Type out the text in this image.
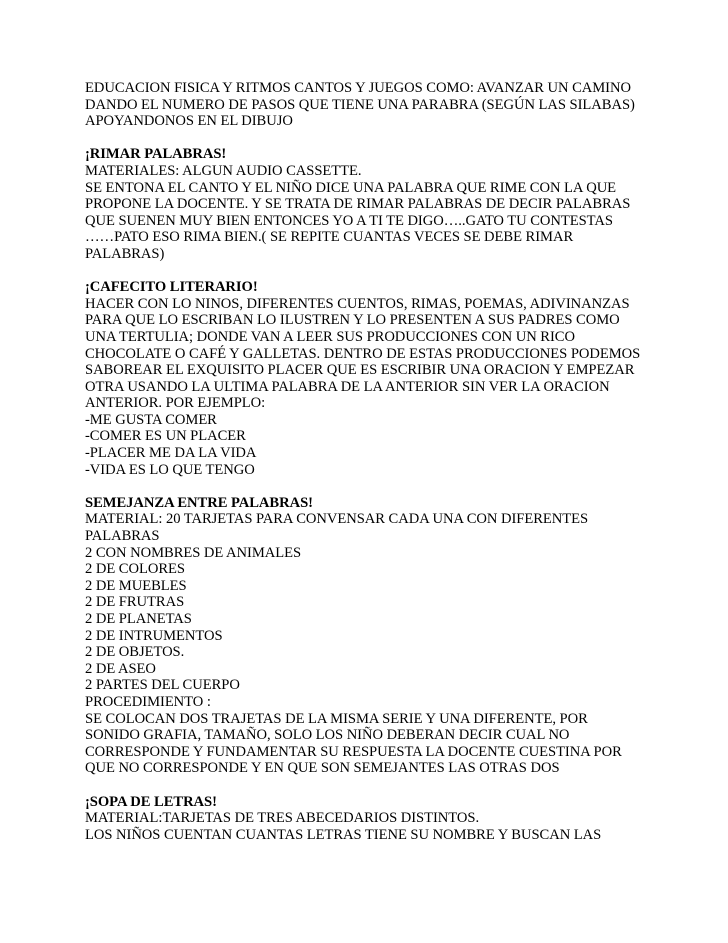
EDUCACION FISICA Y RITMOS CANTOS Y JUEGOS COMO: AVANZAR UN CAMINO
DANDO EL NUMERO DE PASOS QUE TIENE UNA PARABRA (SEGÚN LAS SILABAS)
APOYANDONOS EN EL DIBUJO
¡RIMAR PALABRAS!
MATERIALES: ALGUN AUDIO CASSETTE.
SE ENTONA EL CANTO Y EL NIÑO DICE UNA PALABRA QUE RIME CON LA QUE
PROPONE LA DOCENTE. Y SE TRATA DE RIMAR PALABRAS DE DECIR PALABRAS
QUE SUENEN MUY BIEN ENTONCES YO A TI TE DIGO…..GATO TU CONTESTAS
……PATO ESO RIMA BIEN.( SE REPITE CUANTAS VECES SE DEBE RIMAR
PALABRAS)
¡CAFECITO LITERARIO!
HACER CON LO NINOS, DIFERENTES CUENTOS, RIMAS, POEMAS, ADIVINANZAS
PARA QUE LO ESCRIBAN LO ILUSTREN Y LO PRESENTEN A SUS PADRES COMO
UNA TERTULIA; DONDE VAN A LEER SUS PRODUCCIONES CON UN RICO
CHOCOLATE O CAFÉ Y GALLETAS. DENTRO DE ESTAS PRODUCCIONES PODEMOS
SABOREAR EL EXQUISITO PLACER QUE ES ESCRIBIR UNA ORACION Y EMPEZAR
OTRA USANDO LA ULTIMA PALABRA DE LA ANTERIOR SIN VER LA ORACION
ANTERIOR. POR EJEMPLO:
-ME GUSTA COMER
-COMER ES UN PLACER
-PLACER ME DA LA VIDA
-VIDA ES LO QUE TENGO
SEMEJANZA ENTRE PALABRAS!
MATERIAL: 20 TARJETAS PARA CONVENSAR CADA UNA CON DIFERENTES
PALABRAS
2 CON NOMBRES DE ANIMALES
2 DE COLORES
2 DE MUEBLES
2 DE FRUTRAS
2 DE PLANETAS
2 DE INTRUMENTOS
2 DE OBJETOS.
2 DE ASEO
2 PARTES DEL CUERPO
PROCEDIMIENTO :
SE COLOCAN DOS TRAJETAS DE LA MISMA SERIE Y UNA DIFERENTE, POR
SONIDO GRAFIA, TAMAÑO, SOLO LOS NIÑO DEBERAN DECIR CUAL NO
CORRESPONDE Y FUNDAMENTAR SU RESPUESTA LA DOCENTE CUESTINA POR
QUE NO CORRESPONDE Y EN QUE SON SEMEJANTES LAS OTRAS DOS
¡SOPA DE LETRAS!
MATERIAL:TARJETAS DE TRES ABECEDARIOS DISTINTOS.
LOS NIÑOS CUENTAN CUANTAS LETRAS TIENE SU NOMBRE Y BUSCAN LAS
